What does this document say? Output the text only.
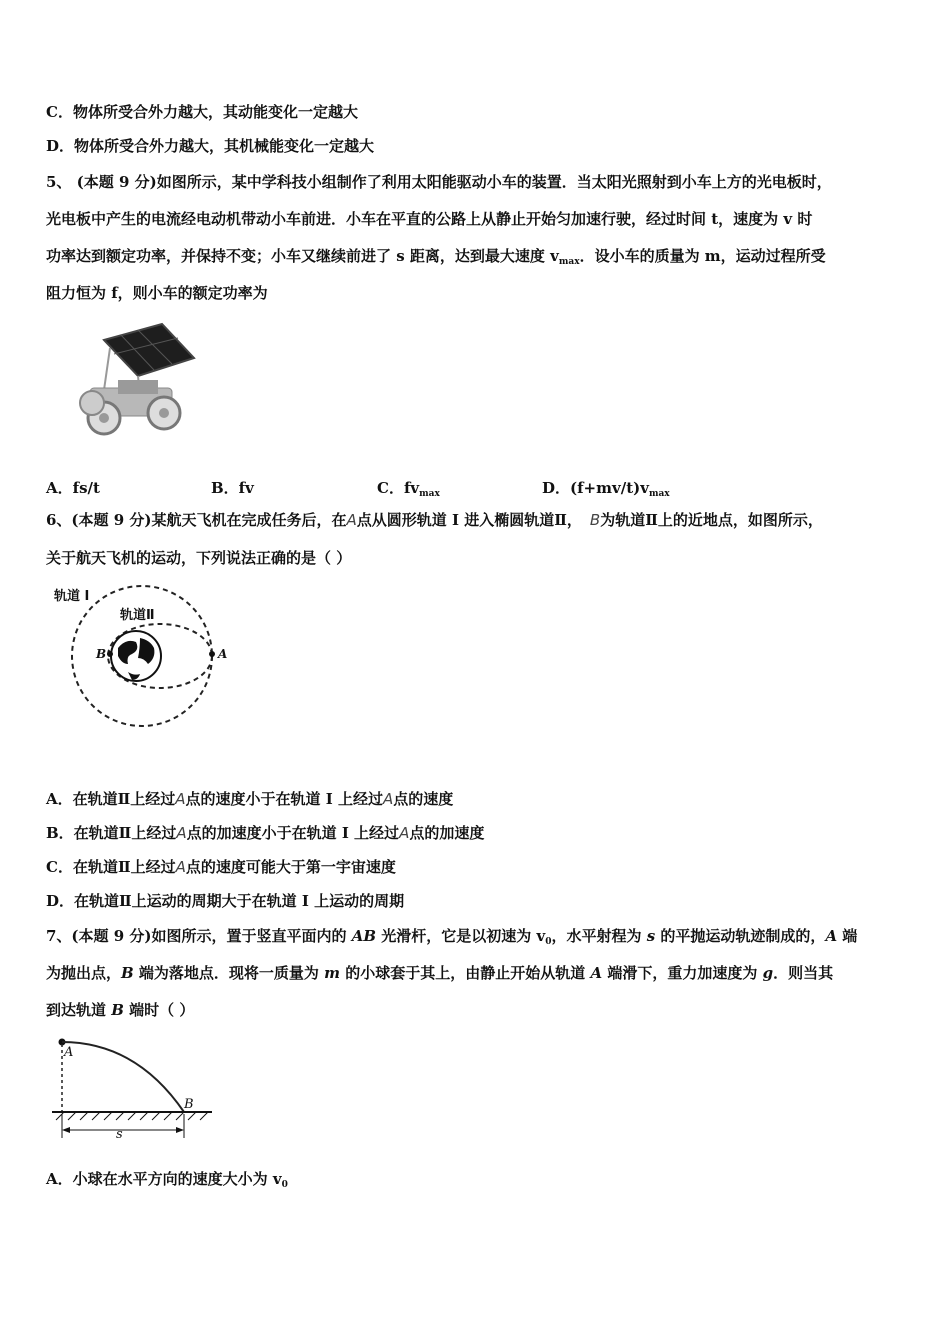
C．物体所受合外力越大，其动能变化一定越大
D．物体所受合外力越大，其机械能变化一定越大
5、 (本题 9 分)如图所示，某中学科技小组制作了利用太阳能驱动小车的装置．当太阳光照射到小车上方的光电板时，
光电板中产生的电流经电动机带动小车前进．小车在平直的公路上从静止开始匀加速行驶，经过时间 t，速度为 v 时
功率达到额定功率，并保持不变；小车又继续前进了 s 距离，达到最大速度 $v_{max}$．设小车的质量为 m，运动过程所受
阻力恒为 f，则小车的额定功率为
A．fs/t	B．fv	C．$fv_{max}$	D．$(f+mv/t)v_{max}$
6、(本题 9 分)某航天飞机在完成任务后，在A点从圆形轨道 I 进入椭圆轨道Ⅱ， B为轨道Ⅱ上的近地点，如图所示，
关于航天飞机的运动，下列说法正确的是（ ）
轨道 I
轨道Ⅱ
B	A
A．在轨道Ⅱ上经过A点的速度小于在轨道 I 上经过A点的速度
B．在轨道Ⅱ上经过A点的加速度小于在轨道 I 上经过A点的加速度
C．在轨道Ⅱ上经过A点的速度可能大于第一宇宙速度
D．在轨道Ⅱ上运动的周期大于在轨道 I 上运动的周期
7、(本题 9 分)如图所示，置于竖直平面内的 AB 光滑杆，它是以初速为 $v_0$，水平射程为 s 的平抛运动轨迹制成的，A 端
为抛出点，B 端为落地点．现将一质量为 m 的小球套于其上，由静止开始从轨道 A 端滑下，重力加速度为 g．则当其
到达轨道 B 端时（ ）
A
B
s
A．小球在水平方向的速度大小为 $v_0$
